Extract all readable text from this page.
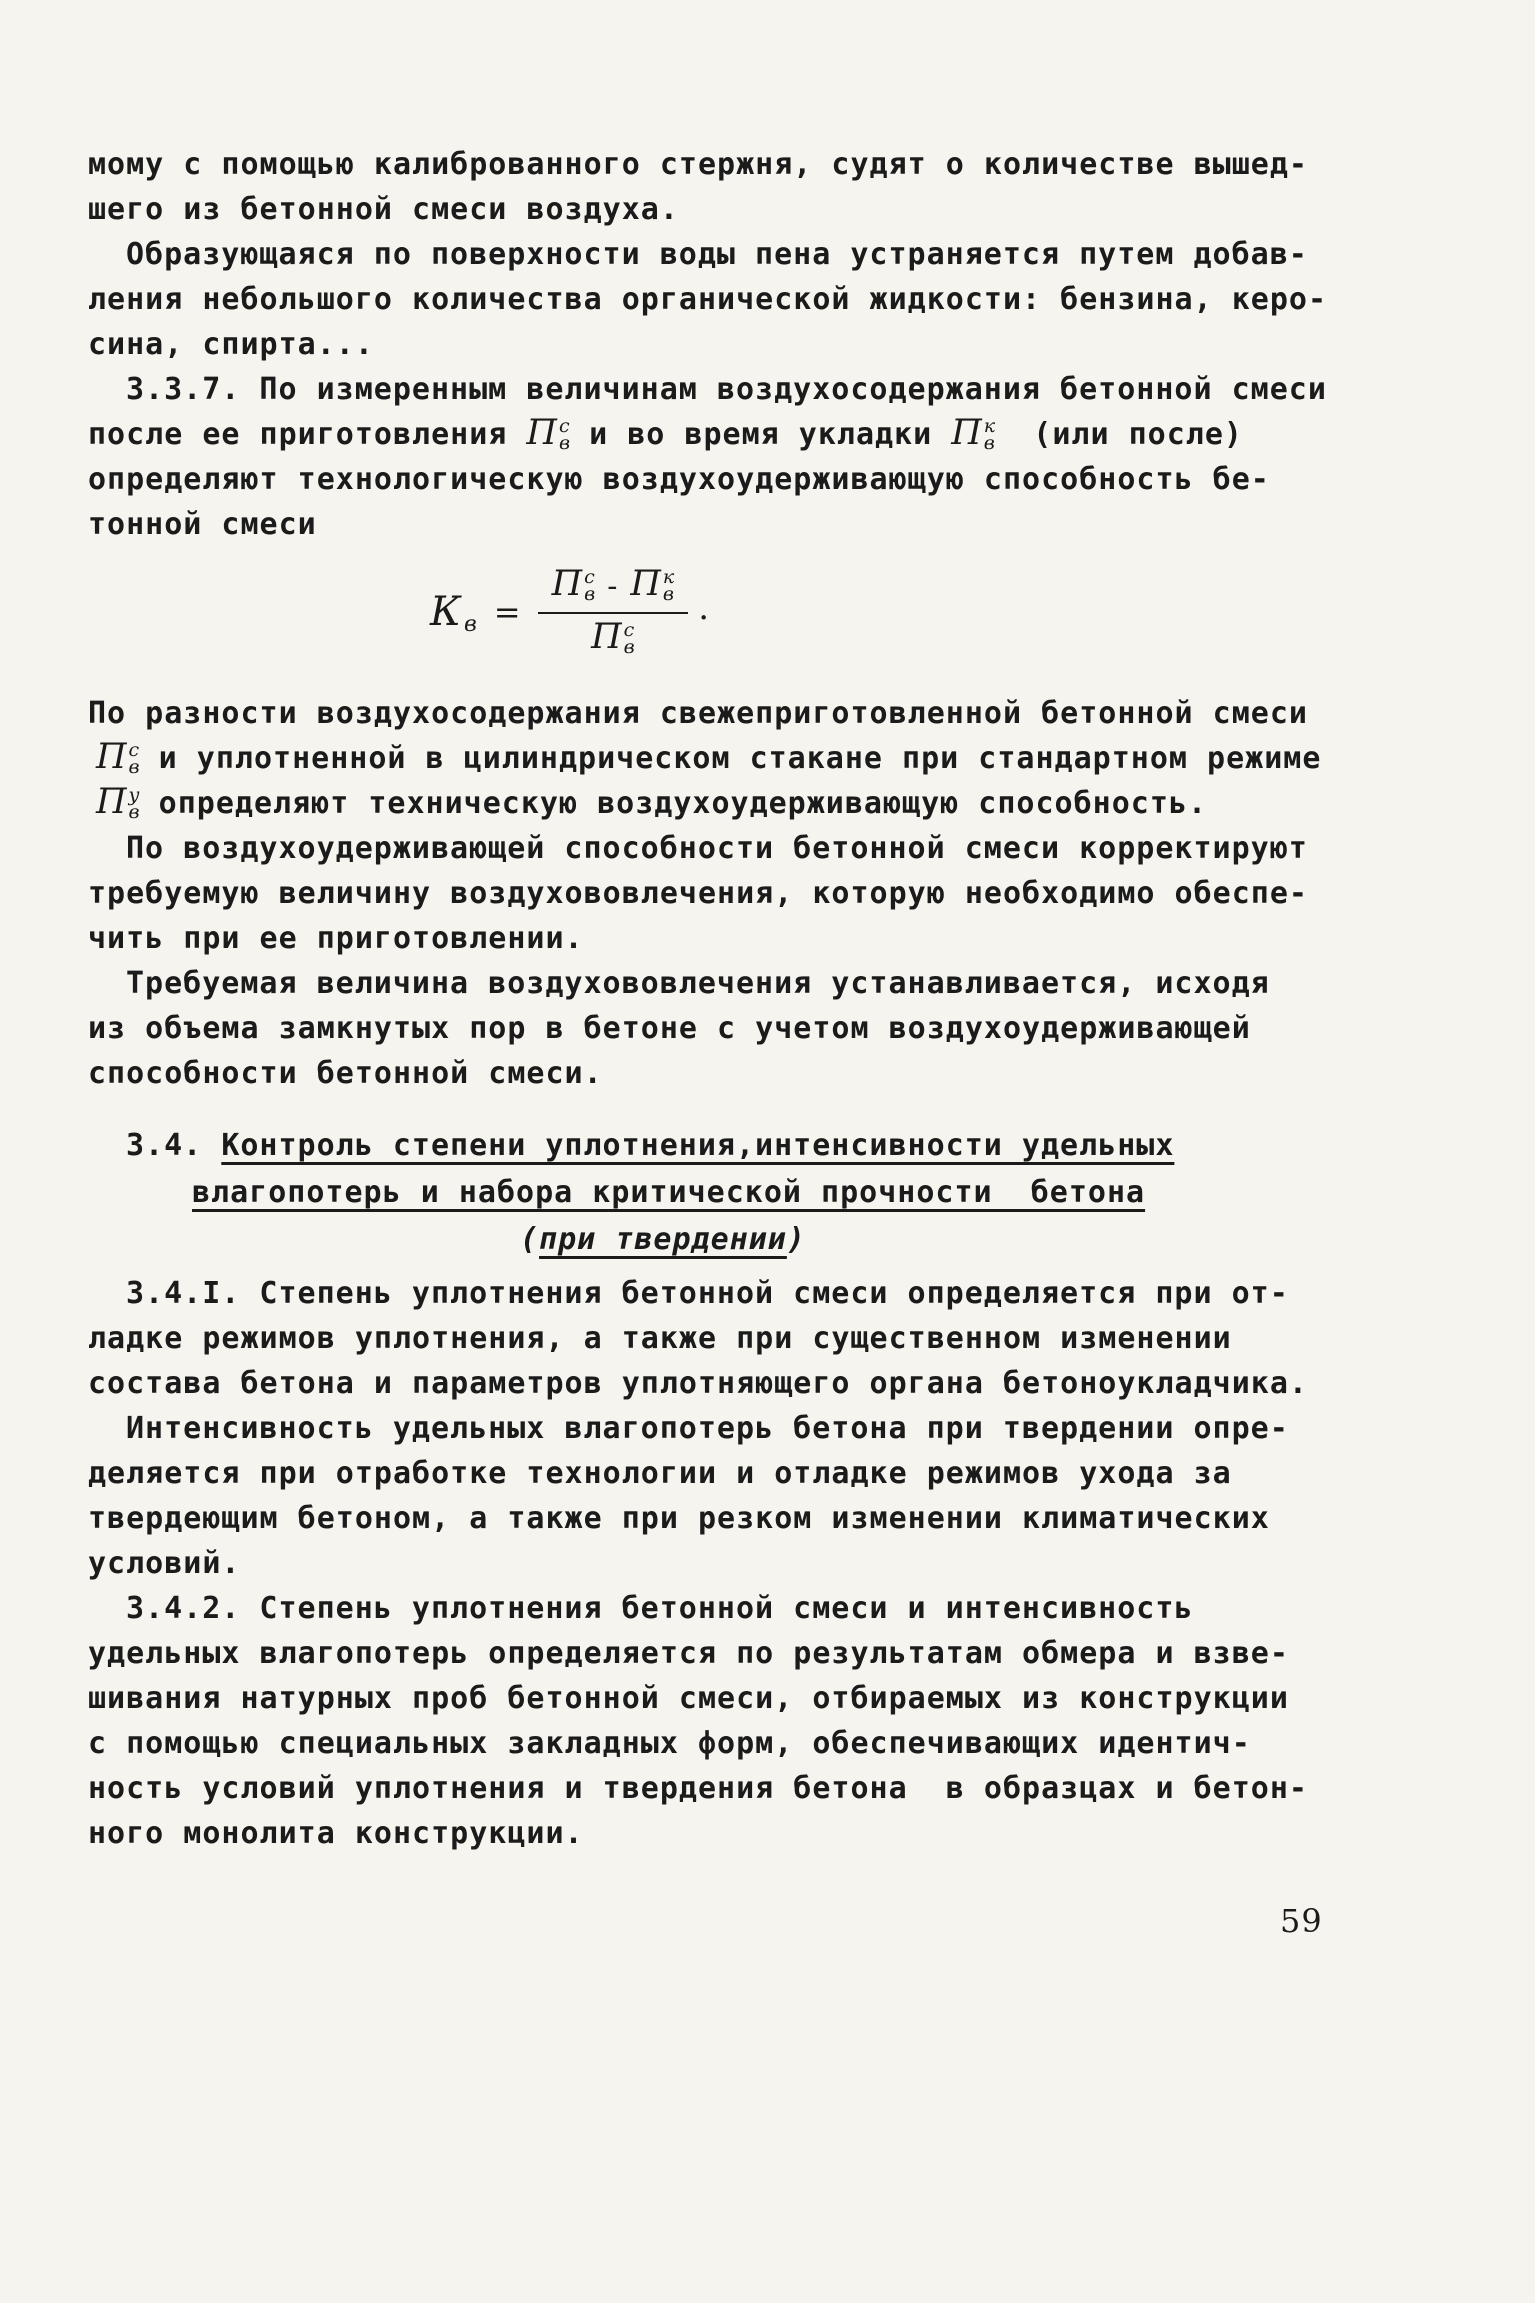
мому с помощью калиброванного стержня, судят о количестве вышед-
шего из бетонной смеси воздуха.
Образующаяся по поверхности воды пена устраняется путем добав-
ления небольшого количества органической жидкости: бензина, керо-
сина, спирта...
3.3.7. По измеренным величинам воздухосодержания бетонной смеси
после ее приготовления П с
в и во время укладки П к
в (или после)
определяют технологическую воздухоудерживающую способность бе-
тонной смеси
К в = П с
в - П к
в
П с
в .
По разности воздухосодержания свежеприготовленной бетонной смеси
П с
в и уплотненной в цилиндрическом стакане при стандартном режиме
П у
в определяют техническую воздухоудерживающую способность.
По воздухоудерживающей способности бетонной смеси корректируют
требуемую величину воздухововлечения, которую необходимо обеспе-
чить при ее приготовлении.
Требуемая величина воздухововлечения устанавливается, исходя
из объема замкнутых пор в бетоне с учетом воздухоудерживающей
способности бетонной смеси.
3.4. Контроль степени уплотнения,интенсивности удельных
влагопотерь и набора критической прочности  бетона
(при твердении)
3.4.I. Степень уплотнения бетонной смеси определяется при от-
ладке режимов уплотнения, а также при существенном изменении
состава бетона и параметров уплотняющего органа бетоноукладчика.
Интенсивность удельных влагопотерь бетона при твердении опре-
деляется при отработке технологии и отладке режимов ухода за
твердеющим бетоном, а также при резком изменении климатических
условий.
3.4.2. Степень уплотнения бетонной смеси и интенсивность
удельных влагопотерь определяется по результатам обмера и взве-
шивания натурных проб бетонной смеси, отбираемых из конструкции
с помощью специальных закладных форм, обеспечивающих идентич-
ность условий уплотнения и твердения бетона  в образцах и бетон-
ного монолита конструкции.
59
